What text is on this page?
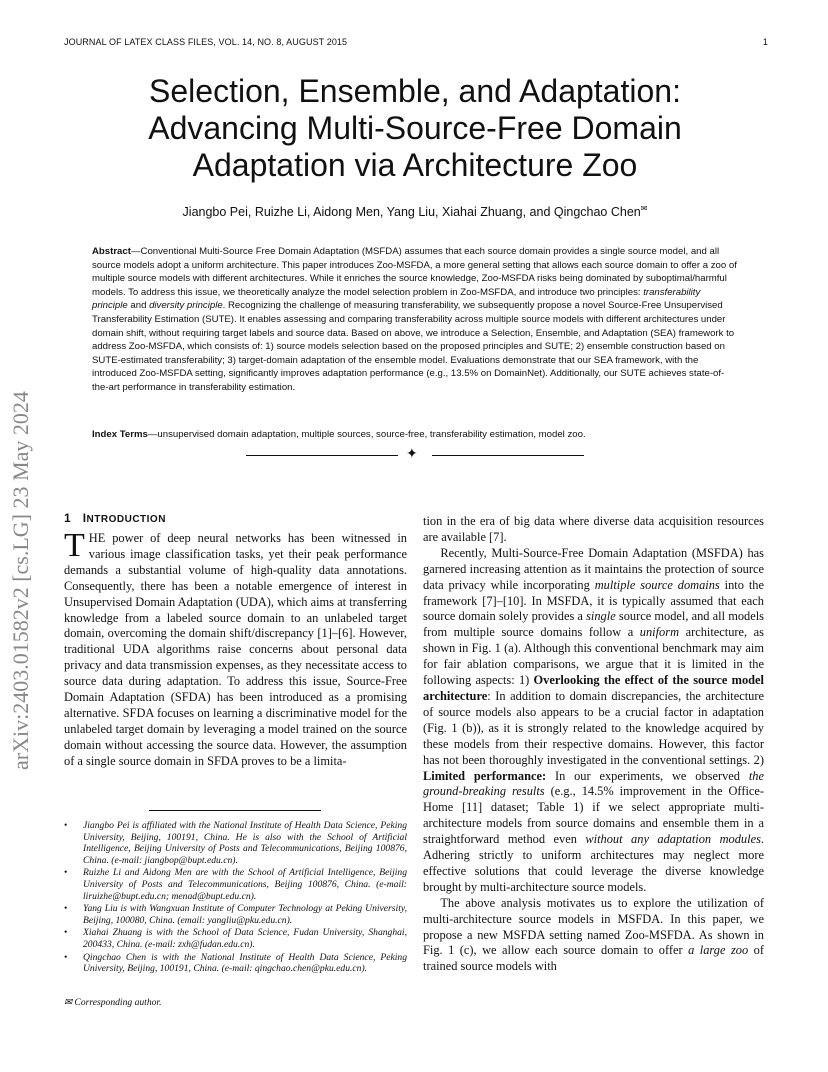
JOURNAL OF LATEX CLASS FILES, VOL. 14, NO. 8, AUGUST 2015	1
arXiv:2403.01582v2 [cs.LG] 23 May 2024
Selection, Ensemble, and Adaptation:
Advancing Multi-Source-Free Domain
Adaptation via Architecture Zoo
Jiangbo Pei, Ruizhe Li, Aidong Men, Yang Liu, Xiahai Zhuang, and Qingchao Chen✉

Abstract—Conventional Multi-Source Free Domain Adaptation (MSFDA) assumes that each source domain provides a single source model, and all source models adopt a uniform architecture. This paper introduces Zoo-MSFDA, a more general setting that allows each source domain to offer a zoo of multiple source models with different architectures. While it enriches the source knowledge, Zoo-MSFDA risks being dominated by suboptimal/harmful models. To address this issue, we theoretically analyze the model selection problem in Zoo-MSFDA, and introduce two principles: transferability principle and diversity principle. Recognizing the challenge of measuring transferability, we subsequently propose a novel Source-Free Unsupervised Transferability Estimation (SUTE). It enables assessing and comparing transferability across multiple source models with different architectures under domain shift, without requiring target labels and source data. Based on above, we introduce a Selection, Ensemble, and Adaptation (SEA) framework to address Zoo-MSFDA, which consists of: 1) source models selection based on the proposed principles and SUTE; 2) ensemble construction based on SUTE-estimated transferability; 3) target-domain adaptation of the ensemble model. Evaluations demonstrate that our SEA framework, with the introduced Zoo-MSFDA setting, significantly improves adaptation performance (e.g., 13.5% on DomainNet). Additionally, our SUTE achieves state-of-the-art performance in transferability estimation.

Index Terms—unsupervised domain adaptation, multiple sources, source-free, transferability estimation, model zoo.

✦
1 INTRODUCTION

THE power of deep neural networks has been witnessed in various image classification tasks, yet their peak performance demands a substantial volume of high-quality data annotations. Consequently, there has been a notable emergence of interest in Unsupervised Domain Adaptation (UDA), which aims at transferring knowledge from a labeled source domain to an unlabeled target domain, overcoming the domain shift/discrepancy [1]–[6]. However, traditional UDA algorithms raise concerns about personal data privacy and data transmission expenses, as they necessitate access to source data during adaptation. To address this issue, Source-Free Domain Adaptation (SFDA) has been introduced as a promising alternative. SFDA focuses on learning a discriminative model for the unlabeled target domain by leveraging a model trained on the source domain without accessing the source data. However, the assumption of a single source domain in SFDA proves to be a limita-

• Jiangbo Pei is affiliated with the National Institute of Health Data Science, Peking University, Beijing, 100191, China. He is also with the School of Artificial Intelligence, Beijing University of Posts and Telecommunications, Beijing 100876, China. (e-mail: jiangbop@bupt.edu.cn).
• Ruizhe Li and Aidong Men are with the School of Artificial Intelligence, Beijing University of Posts and Telecommunications, Beijing 100876, China. (e-mail: liruizhe@bupt.edu.cn; menad@bupt.edu.cn).
• Yang Liu is with Wangxuan Institute of Computer Technology at Peking University, Beijing, 100080, China. (email: yangliu@pku.edu.cn).
• Xiahai Zhuang is with the School of Data Science, Fudan University, Shanghai, 200433, China. (e-mail: zxh@fudan.edu.cn).
• Qingchao Chen is with the National Institute of Health Data Science, Peking University, Beijing, 100191, China. (e-mail: qingchao.chen@pku.edu.cn).
✉ Corresponding author.

tion in the era of big data where diverse data acquisition resources are available [7].

Recently, Multi-Source-Free Domain Adaptation (MSFDA) has garnered increasing attention as it maintains the protection of source data privacy while incorporating multiple source domains into the framework [7]–[10]. In MSFDA, it is typically assumed that each source domain solely provides a single source model, and all models from multiple source domains follow a uniform architecture, as shown in Fig. 1 (a). Although this conventional benchmark may aim for fair ablation comparisons, we argue that it is limited in the following aspects: 1) Overlooking the effect of the source model architecture: In addition to domain discrepancies, the architecture of source models also appears to be a crucial factor in adaptation (Fig. 1 (b)), as it is strongly related to the knowledge acquired by these models from their respective domains. However, this factor has not been thoroughly investigated in the conventional settings. 2) Limited performance: In our experiments, we observed the ground-breaking results (e.g., 14.5% improvement in the Office-Home [11] dataset; Table 1) if we select appropriate multi-architecture models from source domains and ensemble them in a straightforward method even without any adaptation modules. Adhering strictly to uniform architectures may neglect more effective solutions that could leverage the diverse knowledge brought by multi-architecture source models.

The above analysis motivates us to explore the utilization of multi-architecture source models in MSFDA. In this paper, we propose a new MSFDA setting named Zoo-MSFDA. As shown in Fig. 1 (c), we allow each source domain to offer a large zoo of trained source models with
